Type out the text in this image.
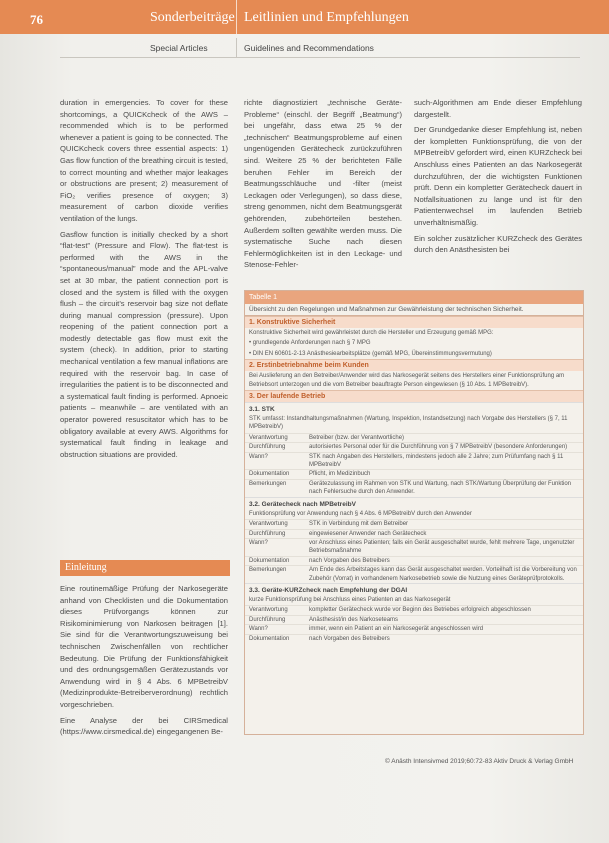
76	Sonderbeiträge Leitlinien und Empfehlungen
Special Articles	Guidelines and Recommendations

duration in emergencies. To cover for these shortcomings, a QUICKcheck of the AWS – recommended which is to be performed whenever a patient is going to be connected. The QUICKcheck covers three essential aspects: 1) Gas flow function of the breathing circuit is tested, to correct mounting and whether major leakages or obstructions are present; 2) measurement of FiO₂ verifies presence of oxygen; 3) measurement of carbon dioxide verifies ventilation of the lungs.

Gasflow function is initially checked by a short “flat-test” (Pressure and Flow). The flat-test is performed with the AWS in the “spontaneous/manual” mode and the APL-valve set at 30 mbar, the patient connection port is closed and the system is filled with the oxygen flush – the circuit’s reservoir bag size not deflate during manual compression (pressure). Upon reopening of the patient connection port a modestly detectable gas flow must exit the system (check). In addition, prior to starting mechanical ventilation a few manual inflations are required with the reservoir bag. In case of irregularities the patient is to be disconnected and a systematical fault finding is performed. Apnoeic patients – meanwhile – are ventilated with an operator powered resuscitator which has to be obligatory available at every AWS. Algorithms for systematical fault finding in leakage and obstruction situations are provided.

Einleitung

Eine routinemäßige Prüfung der Narkosegeräte anhand von Checklisten und die Dokumentation dieses Prüfvorgangs können zur Risikominimierung von Narkosen beitragen [1]. Sie sind für die Verantwortungszuweisung bei technischen Zwischenfällen von rechtlicher Bedeutung. Die Prüfung der Funktionsfähigkeit und des ordnungsgemäßen Gerätezustands vor Anwendung wird in § 4 Abs. 6 MPBetreibV (Medizinprodukte-Betreiberverordnung) rechtlich vorgeschrieben.

Eine Analyse der bei CIRSmedical (https://www.cirsmedical.de) eingegangenen Be-

richte diagnostiziert „technische Geräte-Probleme“ (einschl. der Begriff „Beatmung“) bei ungefähr, dass etwa 25 % der „technischen“ Beatmungsprobleme auf einen ungenügenden Gerätecheck zurückzuführen sind. Weitere 25 % der berichteten Fälle beruhen Fehler im Bereich der Beatmungsschläuche und -filter (meist Leckagen oder Verlegungen), so dass diese, streng genommen, nicht dem Beatmungsgerät gehörenden, zubehörteilen bestehen. Außerdem sollten gewählte werden muss. Die systematische Suche nach diesen Fehlermöglichkeiten ist in den Leckage- und Stenose-Fehler-

such-Algorithmen am Ende dieser Empfehlung dargestellt.

Der Grundgedanke dieser Empfehlung ist, neben der kompletten Funktionsprüfung, die von der MPBetreibV gefordert wird, einen KURZcheck bei Anschluss eines Patienten an das Narkosegerät durchzuführen, der die wichtigsten Funktionen prüft. Denn ein kompletter Gerätecheck dauert in Notfallsituationen zu lange und ist für den Patientenwechsel im laufenden Betrieb unverhältnismäßig.

Ein solcher zusätzlicher KURZcheck des Gerätes durch den Anästhesisten bei

Tabelle 1
Übersicht zu den Regelungen und Maßnahmen zur Gewährleistung der technischen Sicherheit.
1. Konstruktive Sicherheit
Konstruktive Sicherheit wird gewährleistet durch die Hersteller und Erzeugung gemäß MPG:
• grundlegende Anforderungen nach § 7 MPG
• DIN EN 60601-2-13 Anästhesiearbeitsplätze (gemäß MPG, Übereinstimmungsvermutung)
2. Erstinbetriebnahme beim Kunden
Bei Auslieferung an den Betreiber/Anwender wird das Narkosegerät seitens des Herstellers einer Funktionsprüfung am Betriebsort unterzogen und die vom Betreiber beauftragte Person eingewiesen (§ 10 Abs. 1 MPBetreibV).
3. Der laufende Betrieb
3.1. STK
STK umfasst: Instandhaltungsmaßnahmen (Wartung, Inspektion, Instandsetzung) nach Vorgabe des Herstellers (§ 7, 11 MPBetreibV)
Verantwortung	Betreiber (bzw. der Verantwortliche)
Durchführung	autorisiertes Personal oder für die Durchführung von § 7 MPBetreibV (besondere Anforderungen)
Wann?	STK nach Angaben des Herstellers, mindestens jedoch alle 2 Jahre; zum Prüfumfang nach § 11 MPBetreibV
Dokumentation	Pflicht, im Medizinbuch
Bemerkungen	Gerätezulassung im Rahmen von STK und Wartung, nach STK/Wartung Überprüfung der Funktion nach Fehlersuche durch den Anwender.
3.2. Gerätecheck nach MPBetreibV
Funktionsprüfung vor Anwendung nach § 4 Abs. 6 MPBetreibV durch den Anwender
Verantwortung	STK in Verbindung mit dem Betreiber
Durchführung	eingewiesener Anwender nach Gerätecheck
Wann?	vor Anschluss eines Patienten; falls ein Gerät ausgeschaltet wurde, fehlt mehrere Tage, ungenutzter Betriebsmaßnahme
Dokumentation	nach Vorgaben des Betreibers
Bemerkungen	Am Ende des Arbeitstages kann das Gerät ausgeschaltet werden. Vorteilhaft ist die Vorbereitung von Zubehör (Vorrat) in vorhandenem Narkosebetrieb sowie die Nutzung eines Geräteprüfprotokolls.
3.3. Geräte-KURZcheck nach Empfehlung der DGAI
kurze Funktionsprüfung bei Anschluss eines Patienten an das Narkosegerät
Verantwortung	kompletter Gerätecheck wurde vor Beginn des Betriebes erfolgreich abgeschlossen
Durchführung	Anästhesist/in des Narkoseteams
Wann?	immer, wenn ein Patient an ein Narkosegerät angeschlossen wird
Dokumentation	nach Vorgaben des Betreibers
© Anästh Intensivmed 2019;60:72-83 Aktiv Druck & Verlag GmbH
